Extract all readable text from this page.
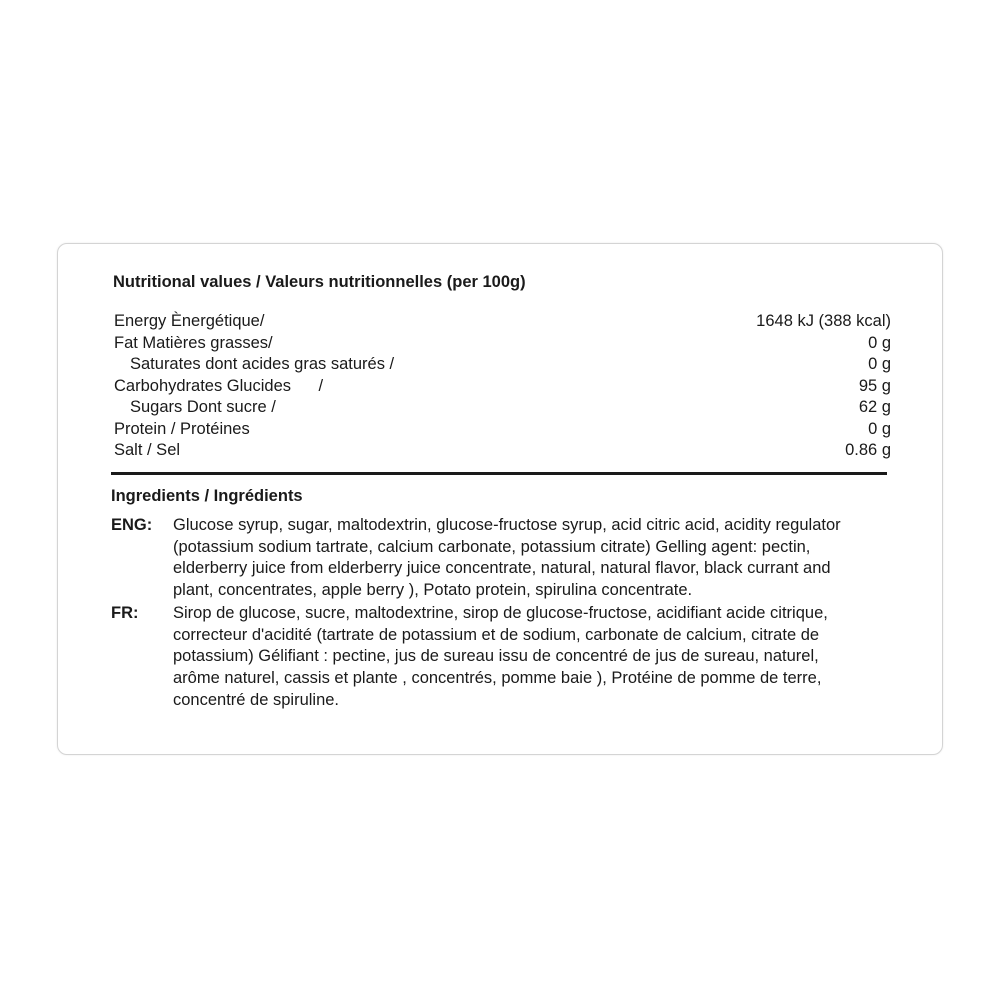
Nutritional values / Valeurs nutritionnelles (per 100g)
Energy Ènergétique/	1648 kJ (388 kcal)
Fat Matières grasses/	0 g
Saturates dont acides gras saturés /	0 g
Carbohydrates Glucides      /	95 g
Sugars Dont sucre /	62 g
Protein / Protéines	0 g
Salt / Sel	0.86 g
Ingredients / Ingrédients
ENG: Glucose syrup, sugar, maltodextrin, glucose-fructose syrup, acid citric acid, acidity regulator
(potassium sodium tartrate, calcium carbonate, potassium citrate) Gelling agent: pectin,
elderberry juice from elderberry juice concentrate, natural, natural flavor, black currant and
plant, concentrates, apple berry ), Potato protein, spirulina concentrate.
FR: Sirop de glucose, sucre, maltodextrine, sirop de glucose-fructose, acidifiant acide citrique,
correcteur d'acidité (tartrate de potassium et de sodium, carbonate de calcium, citrate de
potassium) Gélifiant : pectine, jus de sureau issu de concentré de jus de sureau, naturel,
arôme naturel, cassis et plante , concentrés, pomme baie ), Protéine de pomme de terre,
concentré de spiruline.
